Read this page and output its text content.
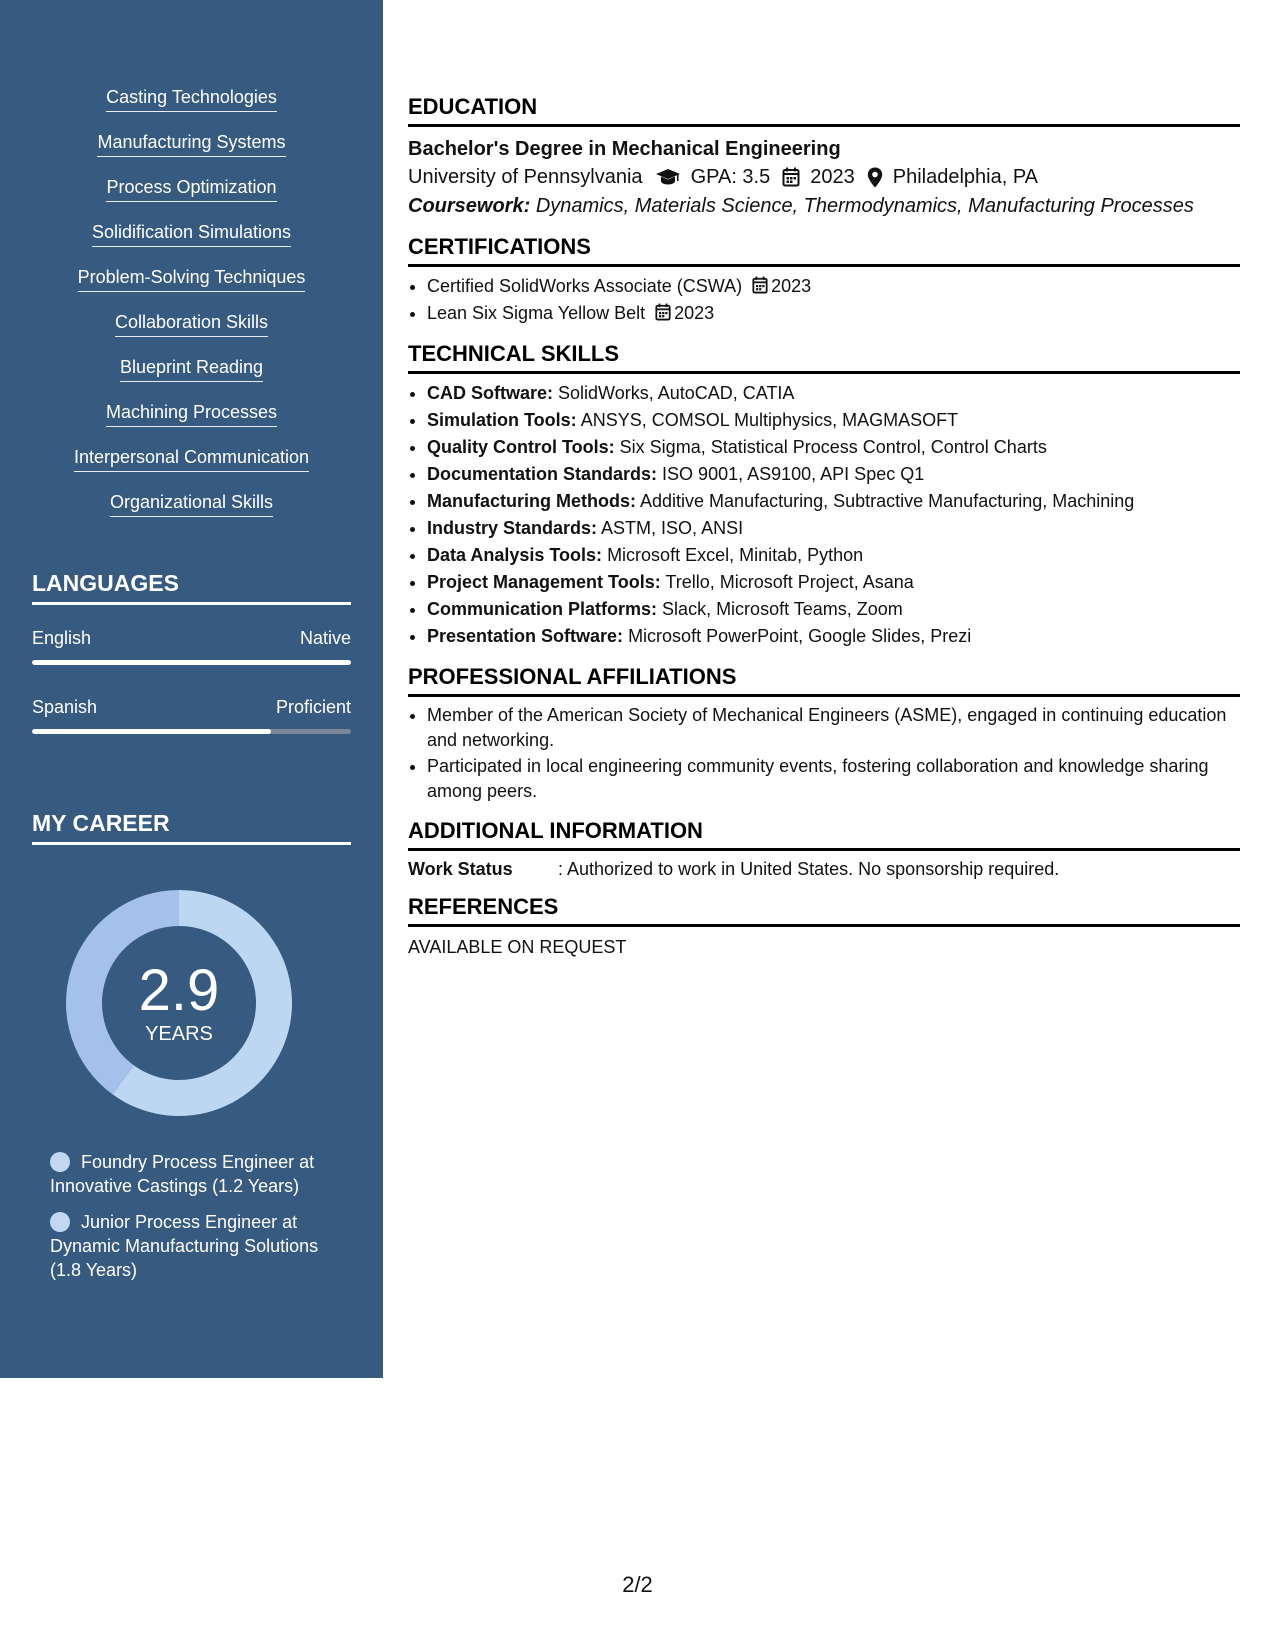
Casting Technologies
Manufacturing Systems
Process Optimization
Solidification Simulations
Problem-Solving Techniques
Collaboration Skills
Blueprint Reading
Machining Processes
Interpersonal Communication
Organizational Skills
LANGUAGES
English	Native
Spanish	Proficient
MY CAREER
2.9
YEARS
Foundry Process Engineer at Innovative Castings (1.2 Years)
Junior Process Engineer at Dynamic Manufacturing Solutions (1.8 Years)
EDUCATION
Bachelor's Degree in Mechanical Engineering
University of Pennsylvania GPA: 3.5 2023 Philadelphia, PA
Coursework: Dynamics, Materials Science, Thermodynamics, Manufacturing Processes
CERTIFICATIONS
• Certified SolidWorks Associate (CSWA) 2023
• Lean Six Sigma Yellow Belt 2023
TECHNICAL SKILLS
• CAD Software: SolidWorks, AutoCAD, CATIA
• Simulation Tools: ANSYS, COMSOL Multiphysics, MAGMASOFT
• Quality Control Tools: Six Sigma, Statistical Process Control, Control Charts
• Documentation Standards: ISO 9001, AS9100, API Spec Q1
• Manufacturing Methods: Additive Manufacturing, Subtractive Manufacturing, Machining
• Industry Standards: ASTM, ISO, ANSI
• Data Analysis Tools: Microsoft Excel, Minitab, Python
• Project Management Tools: Trello, Microsoft Project, Asana
• Communication Platforms: Slack, Microsoft Teams, Zoom
• Presentation Software: Microsoft PowerPoint, Google Slides, Prezi
PROFESSIONAL AFFILIATIONS
• Member of the American Society of Mechanical Engineers (ASME), engaged in continuing education and networking.
• Participated in local engineering community events, fostering collaboration and knowledge sharing among peers.
ADDITIONAL INFORMATION
Work Status	: Authorized to work in United States. No sponsorship required.
REFERENCES
AVAILABLE ON REQUEST
2/2
